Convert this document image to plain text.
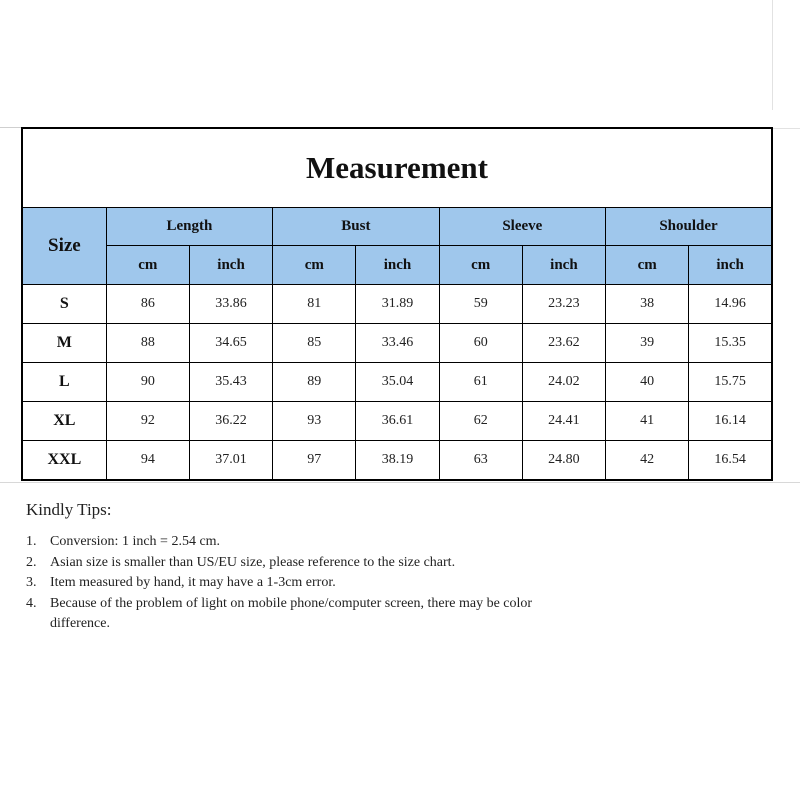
Measurement								
Size	Length		Bust		Sleeve		Shoulder	
	cm	inch	cm	inch	cm	inch	cm	inch
S	86	33.86	81	31.89	59	23.23	38	14.96
M	88	34.65	85	33.46	60	23.62	39	15.35
L	90	35.43	89	35.04	61	24.02	40	15.75
XL	92	36.22	93	36.61	62	24.41	41	16.14
XXL	94	37.01	97	38.19	63	24.80	42	16.54

Kindly Tips:

1. Conversion: 1 inch = 2.54 cm.
2. Asian size is smaller than US/EU size, please reference to the size chart.
3. Item measured by hand, it may have a 1-3cm error.
4. Because of the problem of light on mobile phone/computer screen, there may be color difference.
